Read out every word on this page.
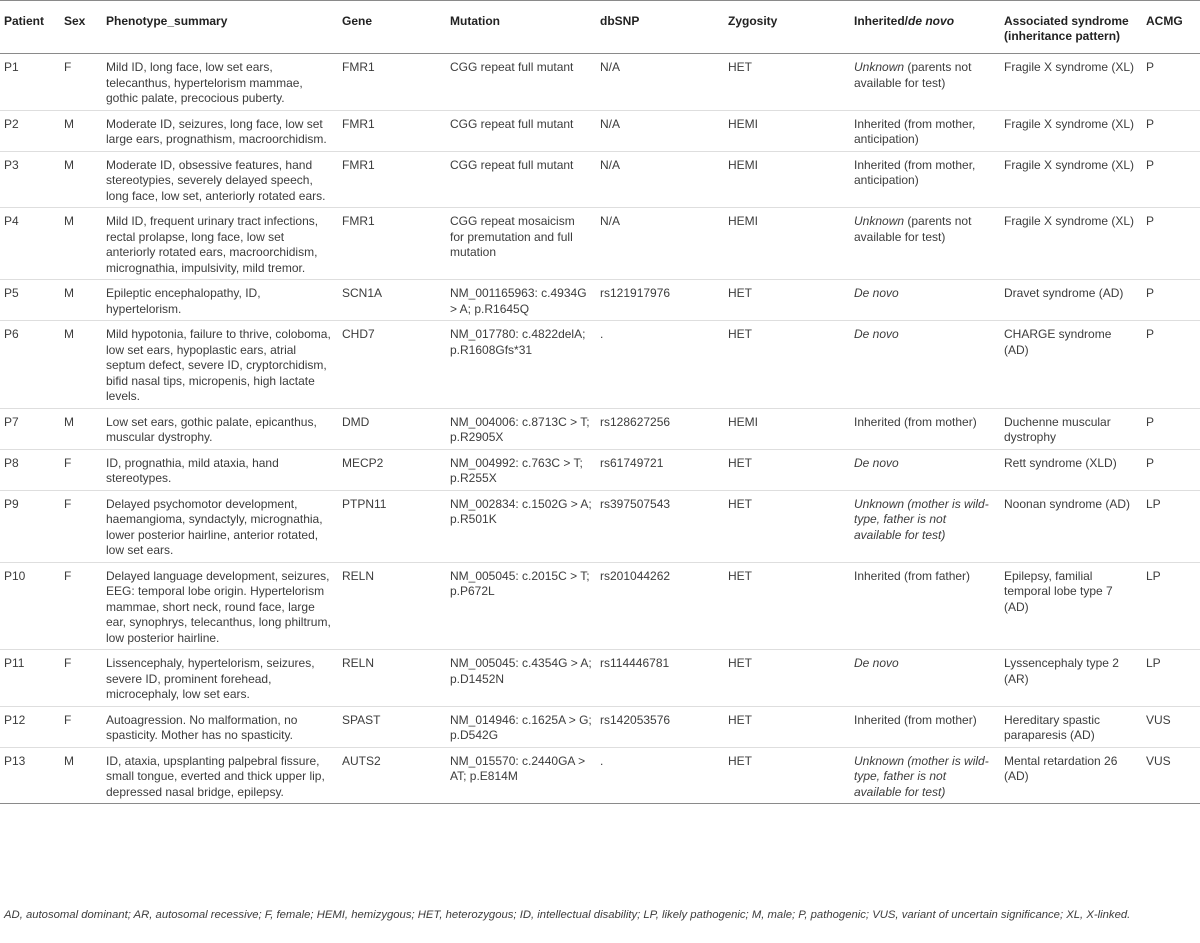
Patient	Sex	Phenotype_summary	Gene	Mutation	dbSNP	Zygosity	Inherited/de novo	Associated syndrome (inheritance pattern)	ACMG
P1	F	Mild ID, long face, low set ears, telecanthus, hypertelorism mammae, gothic palate, precocious puberty.	FMR1	CGG repeat full mutant	N/A	HET	Unknown (parents not available for test)	Fragile X syndrome (XL)	P
P2	M	Moderate ID, seizures, long face, low set large ears, prognathism, macroorchidism.	FMR1	CGG repeat full mutant	N/A	HEMI	Inherited (from mother, anticipation)	Fragile X syndrome (XL)	P
P3	M	Moderate ID, obsessive features, hand stereotypies, severely delayed speech, long face, low set, anteriorly rotated ears.	FMR1	CGG repeat full mutant	N/A	HEMI	Inherited (from mother, anticipation)	Fragile X syndrome (XL)	P
P4	M	Mild ID, frequent urinary tract infections, rectal prolapse, long face, low set anteriorly rotated ears, macroorchidism, micrognathia, impulsivity, mild tremor.	FMR1	CGG repeat mosaicism for premutation and full mutation	N/A	HEMI	Unknown (parents not available for test)	Fragile X syndrome (XL)	P
P5	M	Epileptic encephalopathy, ID, hypertelorism.	SCN1A	NM_001165963: c.4934G > A; p.R1645Q	rs121917976	HET	De novo	Dravet syndrome (AD)	P
P6	M	Mild hypotonia, failure to thrive, coloboma, low set ears, hypoplastic ears, atrial septum defect, severe ID, cryptorchidism, bifid nasal tips, micropenis, high lactate levels.	CHD7	NM_017780: c.4822delA; p.R1608Gfs*31	.	HET	De novo	CHARGE syndrome (AD)	P
P7	M	Low set ears, gothic palate, epicanthus, muscular dystrophy.	DMD	NM_004006: c.8713C > T; p.R2905X	rs128627256	HEMI	Inherited (from mother)	Duchenne muscular dystrophy	P
P8	F	ID, prognathia, mild ataxia, hand stereotypes.	MECP2	NM_004992: c.763C > T; p.R255X	rs61749721	HET	De novo	Rett syndrome (XLD)	P
P9	F	Delayed psychomotor development, haemangioma, syndactyly, micrognathia, lower posterior hairline, anterior rotated, low set ears.	PTPN11	NM_002834: c.1502G > A; p.R501K	rs397507543	HET	Unknown (mother is wild-type, father is not available for test)	Noonan syndrome (AD)	LP
P10	F	Delayed language development, seizures, EEG: temporal lobe origin. Hypertelorism mammae, short neck, round face, large ear, synophrys, telecanthus, long philtrum, low posterior hairline.	RELN	NM_005045: c.2015C > T; p.P672L	rs201044262	HET	Inherited (from father)	Epilepsy, familial temporal lobe type 7 (AD)	LP
P11	F	Lissencephaly, hypertelorism, seizures, severe ID, prominent forehead, microcephaly, low set ears.	RELN	NM_005045: c.4354G > A; p.D1452N	rs114446781	HET	De novo	Lyssencephaly type 2 (AR)	LP
P12	F	Autoagression. No malformation, no spasticity. Mother has no spasticity.	SPAST	NM_014946: c.1625A > G; p.D542G	rs142053576	HET	Inherited (from mother)	Hereditary spastic paraparesis (AD)	VUS
P13	M	ID, ataxia, upsplanting palpebral fissure, small tongue, everted and thick upper lip, depressed nasal bridge, epilepsy.	AUTS2	NM_015570: c.2440GA > AT; p.E814M	.	HET	Unknown (mother is wild-type, father is not available for test)	Mental retardation 26 (AD)	VUS
AD, autosomal dominant; AR, autosomal recessive; F, female; HEMI, hemizygous; HET, heterozygous; ID, intellectual disability; LP, likely pathogenic; M, male; P, pathogenic; VUS, variant of uncertain significance; XL, X-linked.
